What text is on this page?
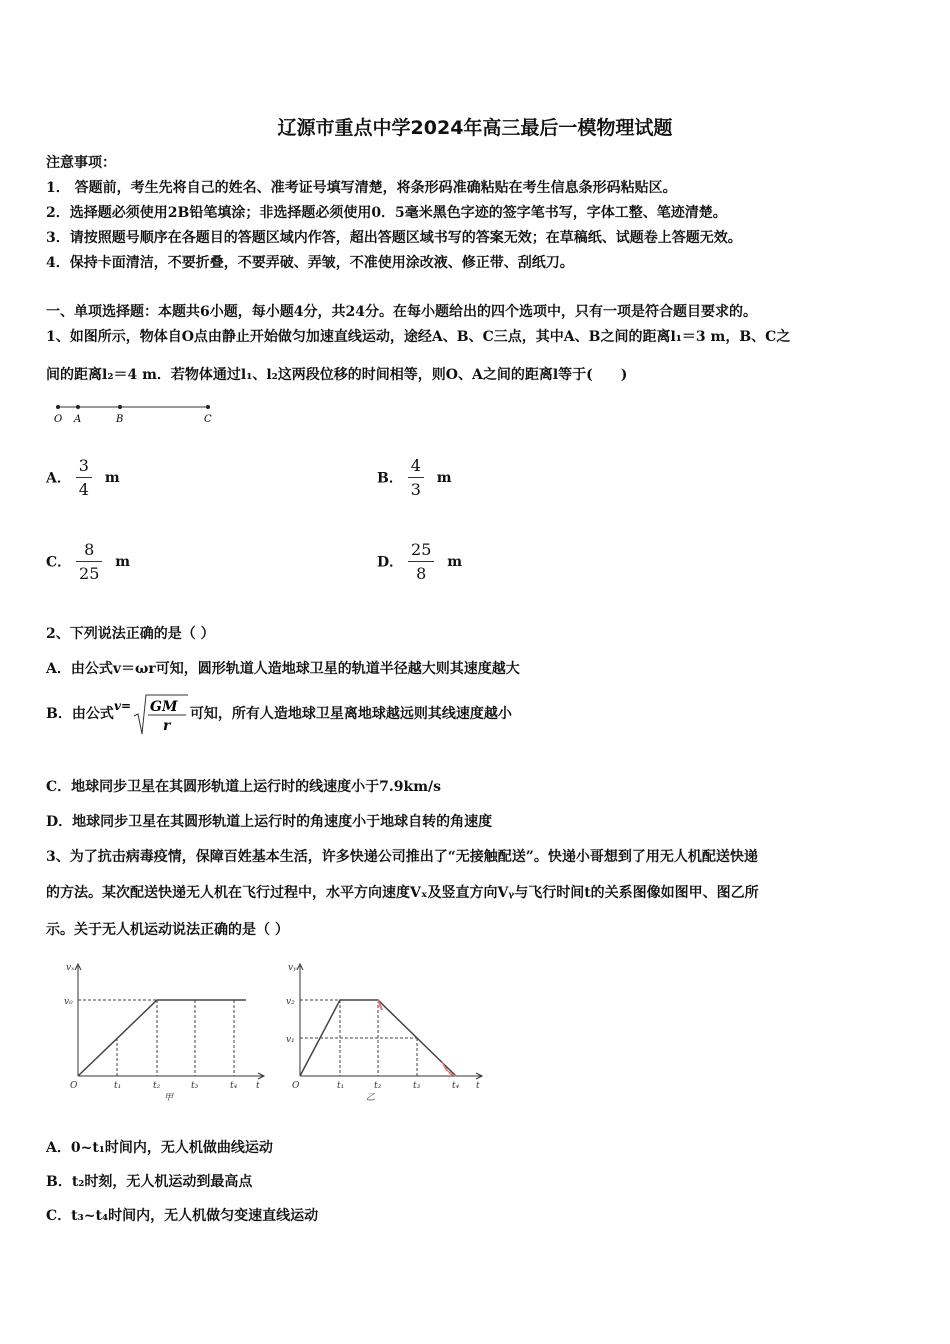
辽源市重点中学2024年高三最后一模物理试题
注意事项：
1． 答题前，考生先将自己的姓名、准考证号填写清楚，将条形码准确粘贴在考生信息条形码粘贴区。
2．选择题必须使用2B铅笔填涂；非选择题必须使用0．5毫米黑色字迹的签字笔书写，字体工整、笔迹清楚。
3．请按照题号顺序在各题目的答题区域内作答，超出答题区域书写的答案无效；在草稿纸、试题卷上答题无效。
4．保持卡面清洁，不要折叠，不要弄破、弄皱，不准使用涂改液、修正带、刮纸刀。
一、单项选择题：本题共6小题，每小题4分，共24分。在每小题给出的四个选项中，只有一项是符合题目要求的。
1、如图所示，物体自O点由静止开始做匀加速直线运动，途经A、B、C三点，其中A、B之间的距离l₁＝3 m，B、C之
间的距离l₂＝4 m．若物体通过l₁、l₂这两段位移的时间相等，则O、A之间的距离l等于(　　)
O A	B	C
A． $\frac{3}{4}$ m	B． $\frac{4}{3}$ m
C． $\frac{8}{25}$ m	D． $\frac{25}{8}$ m
2、下列说法正确的是（ ）
A．由公式v＝ωr可知，圆形轨道人造地球卫星的轨道半径越大则其速度越大
B．由公式 v= GM
r
可知，所有人造地球卫星离地球越远则其线速度越小
C．地球同步卫星在其圆形轨道上运行时的线速度小于7.9km/s
D．地球同步卫星在其圆形轨道上运行时的角速度小于地球自转的角速度
3、为了抗击病毒疫情，保障百姓基本生活，许多快递公司推出了“无接触配送”。快递小哥想到了用无人机配送快递
的方法。某次配送快递无人机在飞行过程中，水平方向速度Vₓ及竖直方向Vᵧ与飞行时间t的关系图像如图甲、图乙所
示。关于无人机运动说法正确的是（ ）
vₓ
v₀
O	t₁	t₂	t₃	t₄ t
甲
vᵧ
v₂
v₁
O	t₁	t₂	t₃	t₄ t
乙
A．0~t₁时间内，无人机做曲线运动
B．t₂时刻，无人机运动到最高点
C．t₃~t₄时间内，无人机做匀变速直线运动
